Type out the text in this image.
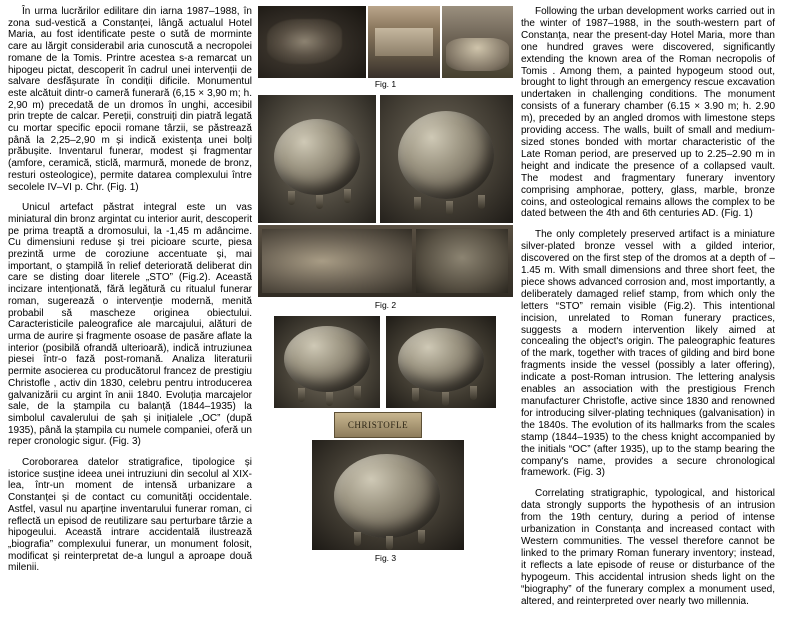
În urma lucrărilor edilitare din iarna 1987–1988, în zona sud-vestică a Constanței, lângă actualul Hotel Maria, au fost identificate peste o sută de morminte care au lărgit considerabil aria cunoscută a necropolei romane de la Tomis. Printre acestea s-a remarcat un hipogeu pictat, descoperit în cadrul unei intervenții de salvare desfășurate în condiții dificile. Monumentul este alcătuit dintr-o cameră funerară (6,15 × 3,90 m; h. 2,90 m) precedată de un dromos în unghi, accesibil prin trepte de calcar. Pereții, construiți din piatră legată cu mortar specific epocii romane târzii, se păstrează până la 2,25–2,90 m și indică existența unei bolți prăbușite. Inventarul funerar, modest și fragmentar (amfore, ceramică, sticlă, marmură, monede de bronz, resturi osteologice), permite datarea complexului între secolele IV–VI p. Chr. (Fig. 1)

Unicul artefact păstrat integral este un vas miniatural din bronz argintat cu interior aurit, descoperit pe prima treaptă a dromosului, la -1,45 m adâncime. Cu dimensiuni reduse și trei picioare scurte, piesa prezintă urme de coroziune accentuate și, mai important, o ștampilă în relief deteriorată deliberat din care se disting doar literele „STO” (Fig.2). Această incizare intenționată, fără legătură cu ritualul funerar roman, sugerează o intervenție modernă, menită probabil să mascheze originea obiectului. Caracteristicile paleografice ale marcajului, alături de urma de aurire și fragmente osoase de pasăre aflate la interior (posibilă ofrandă ulterioară), indică intruziunea piesei într-o fază post-romană. Analiza literaturii permite asocierea cu producătorul francez de prestigiu Christofle , activ din 1830, celebru pentru introducerea galvanizării cu argint în anii 1840. Evoluția marcajelor sale, de la ștampila cu balanță (1844–1935) la simbolul cavalerului de șah și inițialele „OC” (după 1935), până la ștampila cu numele companiei, oferă un reper cronologic sigur. (Fig. 3)

Coroborarea datelor stratigrafice, tipologice și istorice susține ideea unei intruziuni din secolul al XIX-lea, într-un moment de intensă urbanizare a Constanței și de contact cu comunități occidentale. Astfel, vasul nu aparține inventarului funerar roman, ci reflectă un episod de reutilizare sau perturbare târzie a hipogeului. Această intrare accidentală ilustrează „biografia” complexului funerar, un monument folosit, modificat și reinterpretat de-a lungul a aproape două milenii.

Fig. 1
Fig. 2
CHRISTOFLE
Fig. 3

Following the urban development works carried out in the winter of 1987–1988, in the south-western part of Constanța, near the present-day Hotel Maria, more than one hundred graves were discovered, significantly extending the known area of the Roman necropolis of Tomis . Among them, a painted hypogeum stood out, brought to light through an emergency rescue excavation undertaken in challenging conditions. The monument consists of a funerary chamber (6.15 × 3.90 m; h. 2.90 m), preceded by an angled dromos with limestone steps providing access. The walls, built of small and medium-sized stones bonded with mortar characteristic of the Late Roman period, are preserved up to 2.25–2.90 m in height and indicate the presence of a collapsed vault. The modest and fragmentary funerary inventory comprising amphorae, pottery, glass, marble, bronze coins, and osteological remains allows the complex to be dated between the 4th and 6th centuries AD. (Fig. 1)

The only completely preserved artifact is a miniature silver-plated bronze vessel with a gilded interior, discovered on the first step of the dromos at a depth of –1.45 m. With small dimensions and three short feet, the piece shows advanced corrosion and, most importantly, a deliberately damaged relief stamp, from which only the letters “STO” remain visible (Fig.2). This intentional incision, unrelated to Roman funerary practices, suggests a modern intervention likely aimed at concealing the object's origin. The paleographic features of the mark, together with traces of gilding and bird bone fragments inside the vessel (possibly a later offering), indicate a post-Roman intrusion. The lettering analysis enables an association with the prestigious French manufacturer Christofle, active since 1830 and renowned for introducing silver-plating techniques (galvanisation) in the 1840s. The evolution of its hallmarks from the scales stamp (1844–1935) to the chess knight accompanied by the initials “OC” (after 1935), up to the stamp bearing the company's name, provides a secure chronological framework. (Fig. 3)

Correlating stratigraphic, typological, and historical data strongly supports the hypothesis of an intrusion from the 19th century, during a period of intense urbanization in Constanța and increased contact with Western communities. The vessel therefore cannot be linked to the primary Roman funerary inventory; instead, it reflects a late episode of reuse or disturbance of the hypogeum. This accidental intrusion sheds light on the “biography” of the funerary complex a monument used, altered, and reinterpreted over nearly two millennia.
